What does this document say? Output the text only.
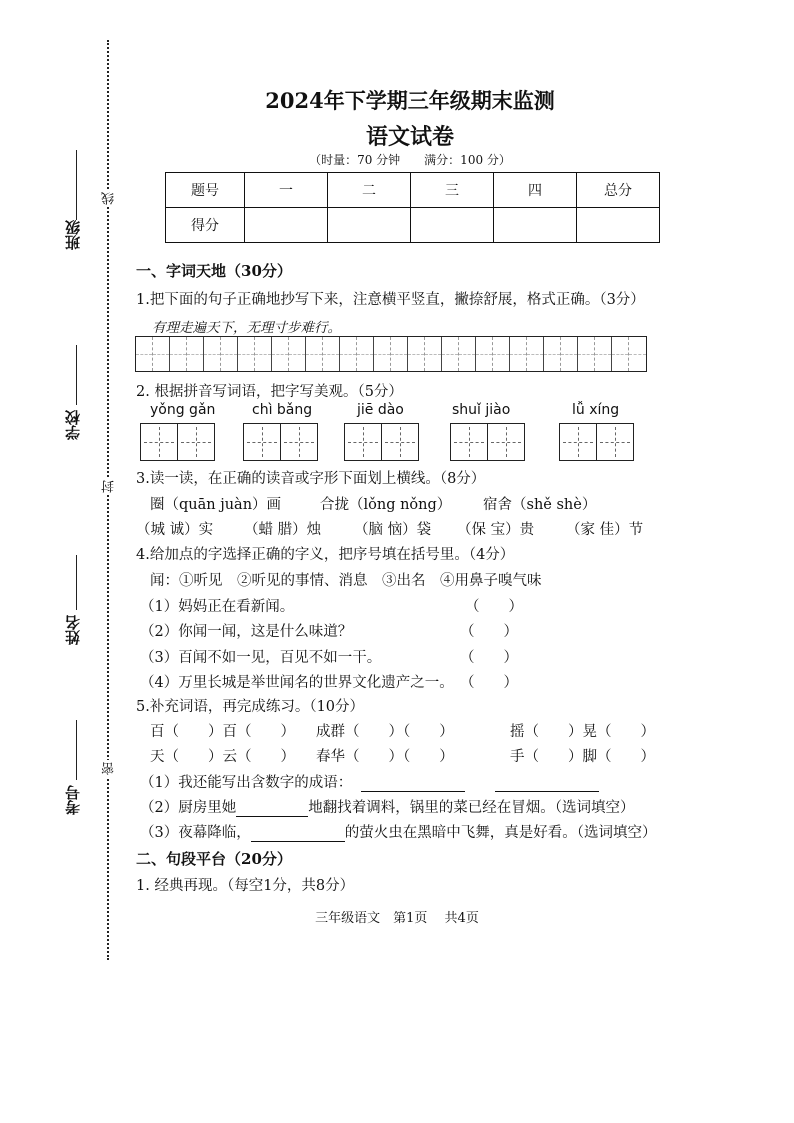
线
封
密
班级
学校
姓名
考号
2024年下学期三年级期末监测
语文试卷
（时量：70 分钟　　满分：100 分）
题号	一	二	三	四	总分
得分					
一、字词天地（30分）
1.把下面的句子正确地抄写下来，注意横平竖直，撇捺舒展，格式正确。（3分）
有理走遍天下，无理寸步难行。
2. 根据拼音写词语，把字写美观。（5分）
yǒng gǎn	chì bǎng	jiē dào	shuǐ jiào	lǚ xíng
3.读一读，在正确的读音或字形下面划上横线。（8分）
圈（quān juàn）画	合拢（lǒng nǒng） 宿舍（shě shè）
（城 诚）实 （蜡 腊）烛 （脑 恼）袋 （保 宝）贵 （家 佳）节
4.给加点的字选择正确的字义，把序号填在括号里。（4分）
闻：①听见　②听见的事情、消息　③出名　④用鼻子嗅气味
（1）妈妈正在看新闻。	（　　）
（2）你闻一闻，这是什么味道？	（　　）
（3）百闻不如一见，百见不如一干。	（　　）
（4）万里长城是举世闻名的世界文化遗产之一。 （　　）
5.补充词语，再完成练习。（10分）
百（　　）百（　　） 成群（　　）（　　）	摇（　　）晃（　　）
天（　　）云（　　） 春华（　　）（　　）	手（　　）脚（　　）
（1）我还能写出含数字的成语：
（2）厨房里她	地翻找着调料，锅里的菜已经在冒烟。（选词填空）
（3）夜幕降临，	的萤火虫在黑暗中飞舞，真是好看。（选词填空）
二、句段平台（20分）
1. 经典再现。（每空1分，共8分）
三年级语文　第1页　 共4页
